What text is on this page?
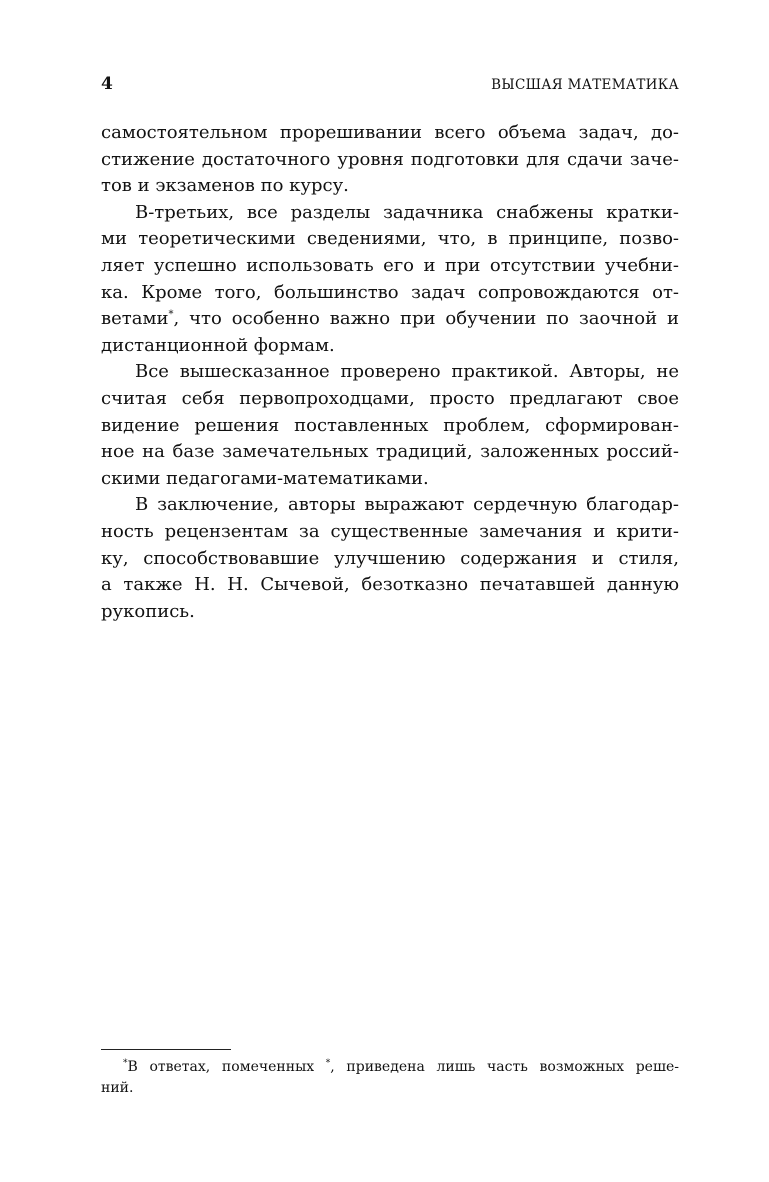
4	ВЫСШАЯ МАТЕМАТИКА
самостоятельном прорешивании всего объема задач, до-
стижение достаточного уровня подготовки для сдачи заче-
тов и экзаменов по курсу.
В-третьих, все разделы задачника снабжены кратки-
ми теоретическими сведениями, что, в принципе, позво-
ляет успешно использовать его и при отсутствии учебни-
ка. Кроме того, большинство задач сопровождаются от-
ветами*, что особенно важно при обучении по заочной и
дистанционной формам.
Все вышесказанное проверено практикой. Авторы, не
считая себя первопроходцами, просто предлагают свое
видение решения поставленных проблем, сформирован-
ное на базе замечательных традиций, заложенных россий-
скими педагогами-математиками.
В заключение, авторы выражают сердечную благодар-
ность рецензентам за существенные замечания и крити-
ку, способствовавшие улучшению содержания и стиля,
а также Н. Н. Сычевой, безотказно печатавшей данную
рукопись.
*В ответах, помеченных *, приведена лишь часть возможных реше-
ний.
